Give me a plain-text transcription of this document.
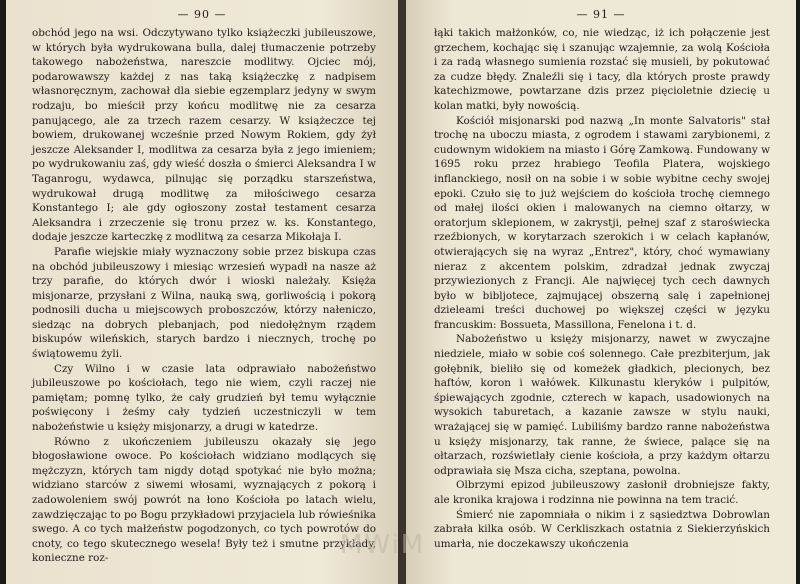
— 90 —

obchód jego na wsi. Odczytywano tylko książeczki jubileuszowe, w których była wydrukowana bulla, dalej tłumaczenie potrzeby takowego nabożeństwa, nareszcie modlitwy. Ojciec mój, podarowawszy każdej z nas taką książeczkę z nadpisem własnoręcznym, zachował dla siebie egzemplarz jedyny w swym rodzaju, bo mieścił przy końcu modlitwę nie za cesarza panującego, ale za trzech razem cesarzy. W książeczce tej bowiem, drukowanej wcześnie przed Nowym Rokiem, gdy żył jeszcze Aleksander I, modlitwa za cesarza była z jego imieniem; po wydrukowaniu zaś, gdy wieść doszła o śmierci Aleksandra I w Taganrogu, wydawca, pilnując się porządku starszeństwa, wydrukował drugą modlitwę za miłościwego cesarza Konstantego I; ale gdy ogłoszony został testament cesarza Aleksandra i zrzeczenie się tronu przez w. ks. Konstantego, dodaje jeszcze karteczkę z modlitwą za cesarza Mikołaja I.

Parafie wiejskie miały wyznaczony sobie przez biskupa czas na obchód jubileuszowy i miesiąc wrzesień wypadł na nasze aż trzy parafie, do których dwór i wioski należały. Księża misjonarze, przysłani z Wilna, nauką swą, gorliwością i pokorą podnosili ducha u miejscowych proboszczów, którzy nałeniczo, siedząc na dobrych plebanjach, pod niedołężnym rządem biskupów wileńskich, starych bardzo i niecznych, trochę po świątowemu żyli.

Czy Wilno i w czasie lata odprawiało nabożeństwo jubileuszowe po kościołach, tego nie wiem, czyli raczej nie pamiętam; pomnę tylko, że cały grudzień był temu wyłącznie poświęcony i żeśmy cały tydzień uczestniczyli w tem nabożeństwie u księży misjonarzy, a drugi w katedrze.

Równo z ukończeniem jubileuszu okazały się jego błogosławione owoce. Po kościołach widziano modlących się mężczyzn, których tam nigdy dotąd spotykać nie było można; widziano starców z siwemi włosami, wyznających z pokorą i zadowoleniem swój powrót na łono Kościoła po latach wielu, zawdzięczając to po Bogu przykładowi przyjaciela lub rówieśnika swego. A co tych małżeństw pogodzonych, co tych powrotów do cnoty, co tego skutecznego wesela! Były też i smutne przykłady, konieczne roz-

— 91 —

łąki takich małżonków, co, nie wiedząc, iż ich połączenie jest grzechem, kochając się i szanując wzajemnie, za wolą Kościoła i za radą własnego sumienia rozstać się musieli, by pokutować za cudze błędy. Znaleźli się i tacy, dla których proste prawdy katechizmowe, powtarzane dzis przez pięcioletnie dziecię u kolan matki, były nowością.

Kościół misjonarski pod nazwą „In monte Salvatoris" stał trochę na uboczu miasta, z ogrodem i stawami zarybionemi, z cudownym widokiem na miasto i Górę Zamkową. Fundowany w 1695 roku przez hrabiego Teofila Platera, wojskiego inflanckiego, nosił on na sobie i w sobie wybitne cechy swojej epoki. Czuło się to już wejściem do kościoła trochę ciemnego od małej ilości okien i malowanych na ciemno ołtarzy, w oratorjum sklepionem, w zakrystji, pełnej szaf z staroświecka rzeźbionych, w korytarzach szerokich i w celach kapłanów, otwierających się na wyraz „Entrez", który, choć wymawiany nieraz z akcentem polskim, zdradzał jednak zwyczaj przywiezionych z Francji. Ale najwięcej tych cech dawnych było w bibljotece, zajmującej obszerną salę i zapełnionej dzieleami treści duchowej po większej części w języku francuskim: Bossueta, Massillona, Fenelona i t. d.

Nabożeństwo u księży misjonarzy, nawet w zwyczajne niedziele, miało w sobie coś solennego. Całe prezbiterjum, jak gołębnik, bieliło się od komeżek gładkich, plecionych, bez haftów, koron i wałówek. Kilkunastu kleryków i pulpitów, śpiewających zgodnie, czterech w kapach, usadowionych na wysokich taburetach, a kazanie zawsze w stylu nauki, wrażającej się w pamięć. Lubiliśmy bardzo ranne nabożeństwa u księży misjonarzy, tak ranne, że świece, palące się na ołtarzach, rozświetlały cienie kościoła, a przy każdym ołtarzu odprawiała się Msza cicha, szeptana, powolna.

Olbrzymi epizod jubileuszowy zasłonił drobniejsze fakty, ale kronika krajowa i rodzinna nie powinna na tem tracić.

Śmierć nie zapomniała o nikim i z sąsiedztwa Dobrowlan zabrała kilka osób. W Cerkliszkach ostatnia z Siekierzyńskich umarła, nie doczekawszy ukończenia

MWiM
